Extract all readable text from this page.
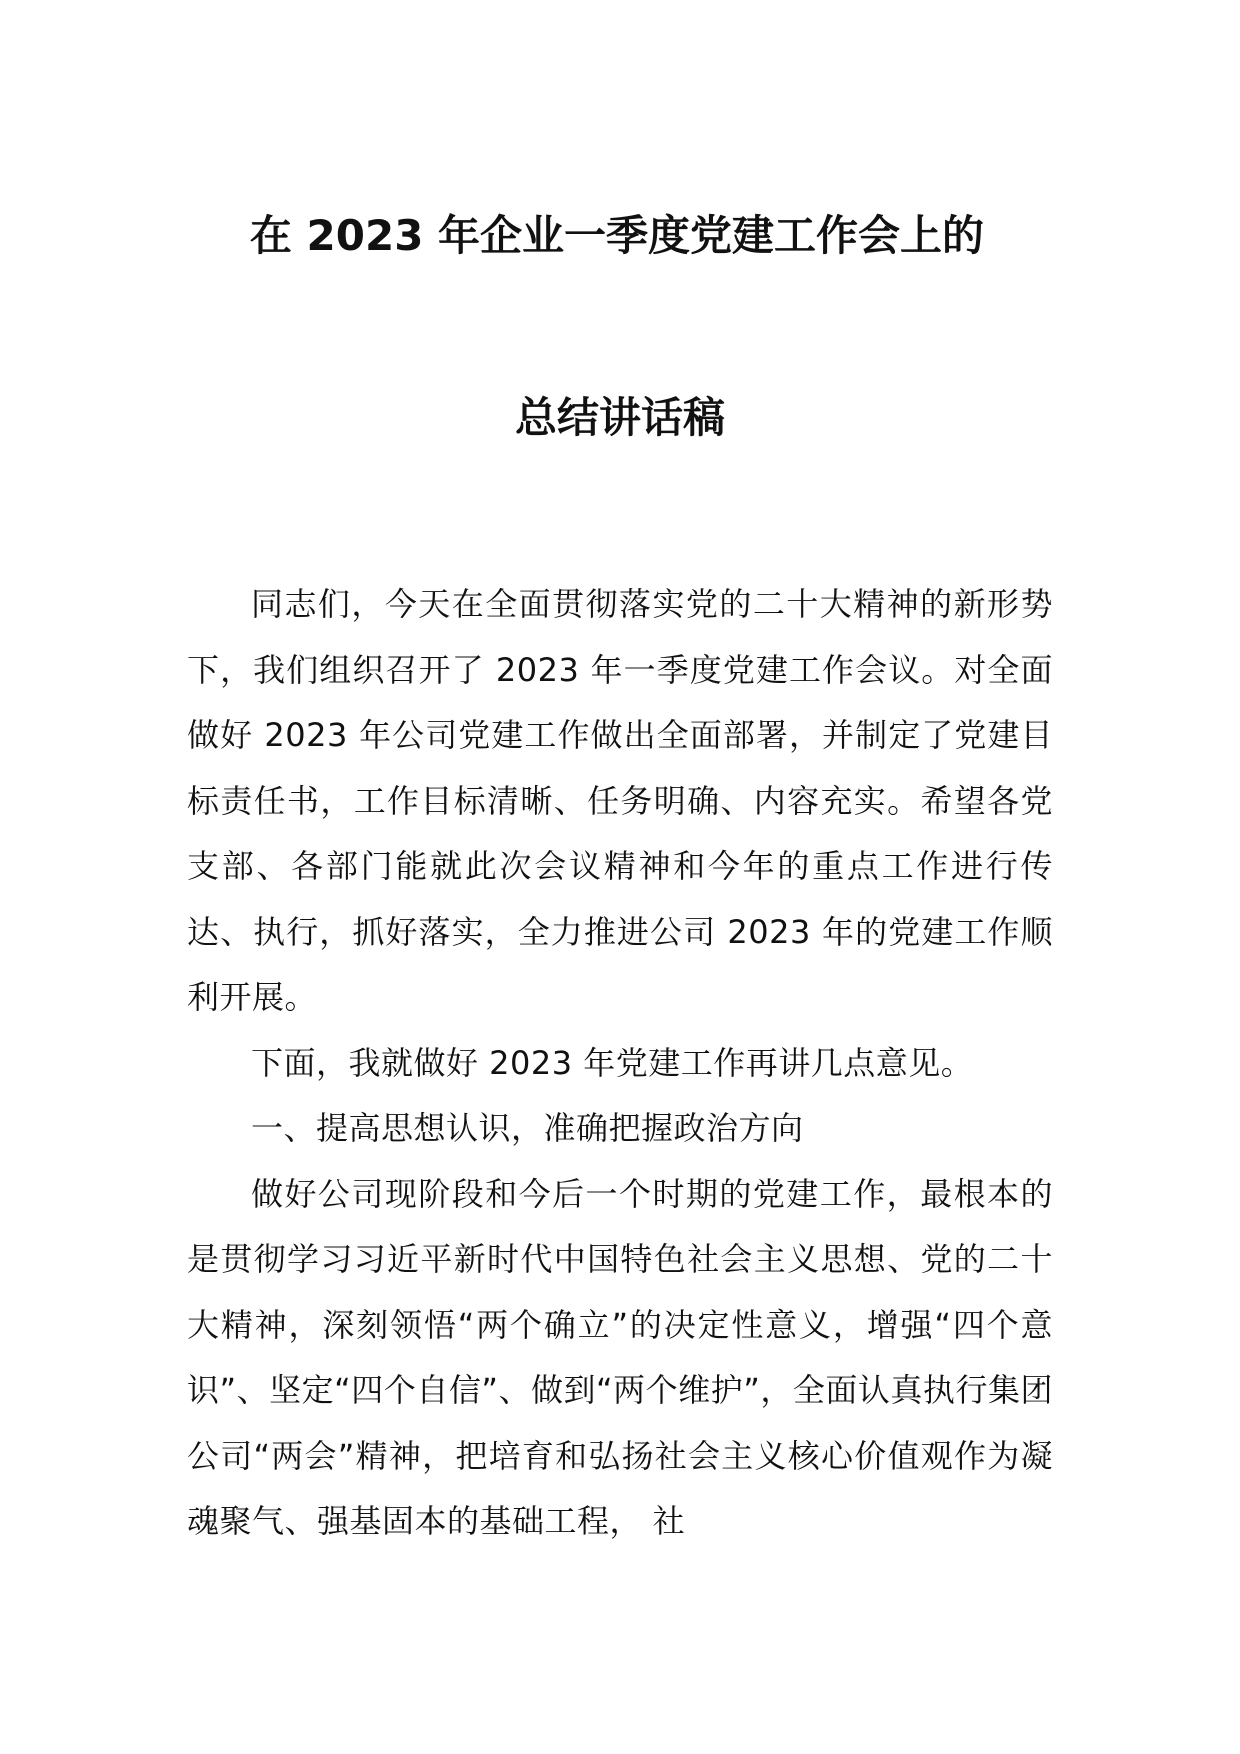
在 2023 年企业一季度党建工作会上的
总结讲话稿

同志们，今天在全面贯彻落实党的二十大精神的新形势下，我们组织召开了 2023 年一季度党建工作会议。对全面做好 2023 年公司党建工作做出全面部署，并制定了党建目标责任书，工作目标清晰、任务明确、内容充实。希望各党支部、各部门能就此次会议精神和今年的重点工作进行传达、执行，抓好落实，全力推进公司 2023 年的党建工作顺利开展。

下面，我就做好 2023 年党建工作再讲几点意见。

一、提高思想认识，准确把握政治方向

做好公司现阶段和今后一个时期的党建工作，最根本的是贯彻学习习近平新时代中国特色社会主义思想、党的二十大精神，深刻领悟“两个确立”的决定性意义，增强“四个意识”、坚定“四个自信”、做到“两个维护”，全面认真执行集团公司“两会”精神，把培育和弘扬社会主义核心价值观作为凝魂聚气、强基固本的基础工程， 社
